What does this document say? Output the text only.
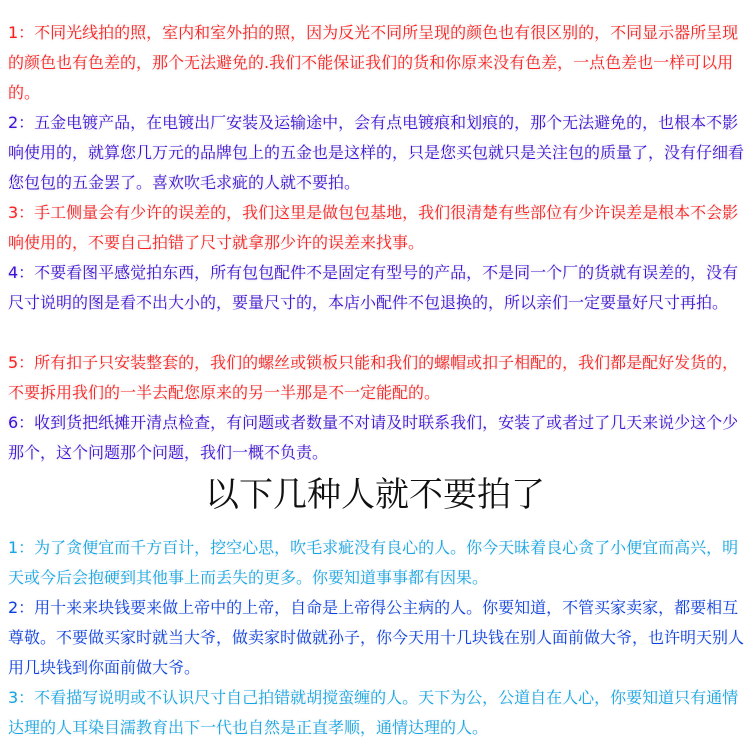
1：不同光线拍的照，室内和室外拍的照，因为反光不同所呈现的颜色也有很区别的，不同显示器所呈现的颜色也有色差的，那个无法避免的.我们不能保证我们的货和你原来没有色差，一点色差也一样可以用的。
2：五金电镀产品，在电镀出厂安装及运输途中，会有点电镀痕和划痕的，那个无法避免的，也根本不影响使用的，就算您几万元的品牌包上的五金也是这样的，只是您买包就只是关注包的质量了，没有仔细看您包包的五金罢了。喜欢吹毛求疵的人就不要拍。
3：手工侧量会有少许的误差的，我们这里是做包包基地，我们很清楚有些部位有少许误差是根本不会影响使用的，不要自己拍错了尺寸就拿那少许的误差来找事。
4：不要看图平感觉拍东西，所有包包配件不是固定有型号的产品，不是同一个厂的货就有误差的，没有尺寸说明的图是看不出大小的，要量尺寸的，本店小配件不包退换的，所以亲们一定要量好尺寸再拍。
5：所有扣子只安装整套的，我们的螺丝或锁板只能和我们的螺帽或扣子相配的，我们都是配好发货的，不要拆用我们的一半去配您原来的另一半那是不一定能配的。
6：收到货把纸摊开清点检查，有问题或者数量不对请及时联系我们，安装了或者过了几天来说少这个少那个，这个问题那个问题，我们一概不负责。
以下几种人就不要拍了
1：为了贪便宜而千方百计，挖空心思，吹毛求疵没有良心的人。你今天昧着良心贪了小便宜而高兴，明天或今后会抱硬到其他事上而丢失的更多。你要知道事事都有因果。
2：用十来来块钱要来做上帝中的上帝，自命是上帝得公主病的人。你要知道，不管买家卖家，都要相互尊敬。不要做买家时就当大爷，做卖家时做就孙子，你今天用十几块钱在别人面前做大爷，也许明天别人用几块钱到你面前做大爷。
3：不看描写说明或不认识尺寸自己拍错就胡搅蛮缠的人。天下为公，公道自在人心，你要知道只有通情达理的人耳染目濡教育出下一代也自然是正直孝顺，通情达理的人。
